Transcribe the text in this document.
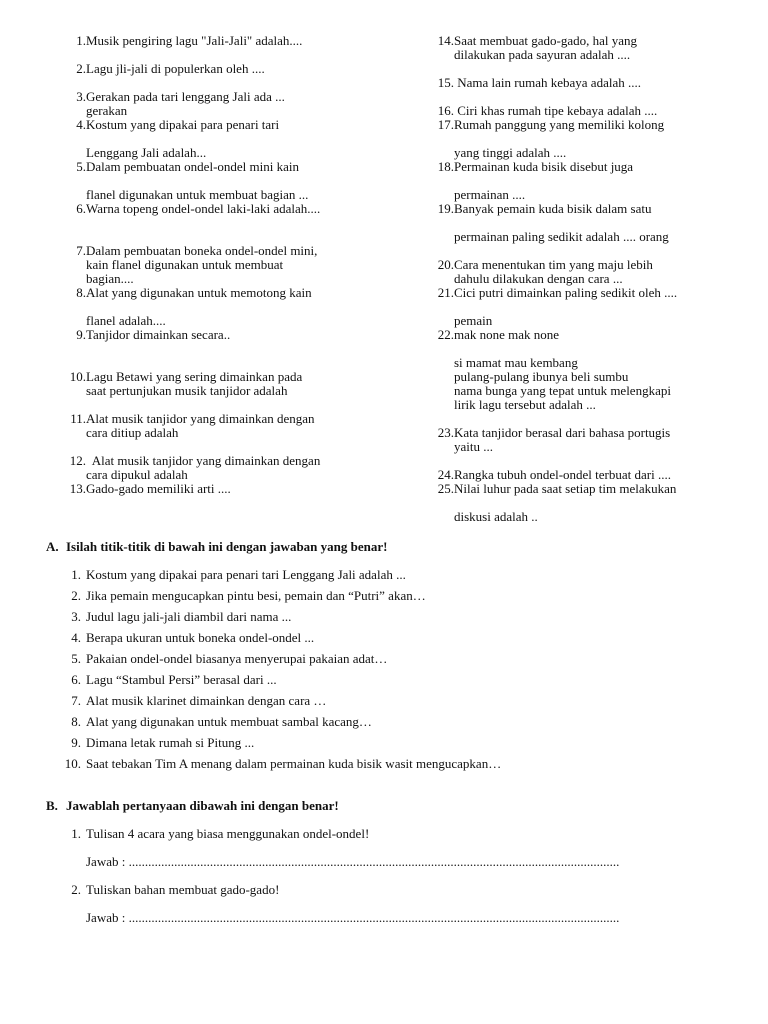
1. Musik pengiring lagu "Jali-Jali" adalah....
2. Lagu jli-jali di populerkan oleh ....
3. Gerakan pada tari lenggang Jali ada ...
gerakan
4. Kostum yang dipakai para penari tari

Lenggang Jali adalah...
5. Dalam pembuatan ondel-ondel mini kain

flanel digunakan untuk membuat bagian ...
6. Warna topeng ondel-ondel laki-laki adalah....
7. Dalam pembuatan boneka ondel-ondel mini,
kain flanel digunakan untuk membuat
bagian....
8. Alat yang digunakan untuk memotong kain

flanel adalah....
9. Tanjidor dimainkan secara..
10. Lagu Betawi yang sering dimainkan pada
saat pertunjukan musik tanjidor adalah
11. Alat musik tanjidor yang dimainkan dengan
cara ditiup adalah
12. Alat musik tanjidor yang dimainkan dengan
cara dipukul adalah
13. Gado-gado memiliki arti ....
14. Saat membuat gado-gado, hal yang
dilakukan pada sayuran adalah ....
15. Nama lain rumah kebaya adalah ....
16. Ciri khas rumah tipe kebaya adalah ....
17. Rumah panggung yang memiliki kolong

yang tinggi adalah ....
18. Permainan kuda bisik disebut juga

permainan ....
19. Banyak pemain kuda bisik dalam satu

permainan paling sedikit adalah .... orang
20. Cara menentukan tim yang maju lebih
dahulu dilakukan dengan cara ...
21. Cici putri dimainkan paling sedikit oleh ....

pemain
22. mak none mak none

si mamat mau kembang
pulang-pulang ibunya beli sumbu
nama bunga yang tepat untuk melengkapi
lirik lagu tersebut adalah ...
23. Kata tanjidor berasal dari bahasa portugis
yaitu ...
24. Rangka tubuh ondel-ondel terbuat dari ....
25. Nilai luhur pada saat setiap tim melakukan

diskusi adalah ..
A. Isilah titik-titik di bawah ini dengan jawaban yang benar!
1. Kostum yang dipakai para penari tari Lenggang Jali adalah ...
2. Jika pemain mengucapkan pintu besi, pemain dan “Putri” akan…
3. Judul lagu jali-jali diambil dari nama ...
4. Berapa ukuran untuk boneka ondel-ondel ...
5. Pakaian ondel-ondel biasanya menyerupai pakaian adat…
6. Lagu “Stambul Persi” berasal dari ...
7. Alat musik klarinet dimainkan dengan cara …
8. Alat yang digunakan untuk membuat sambal kacang…
9. Dimana letak rumah si Pitung ...
10. Saat tebakan Tim A menang dalam permainan kuda bisik wasit mengucapkan…
B. Jawablah pertanyaan dibawah ini dengan benar!
1. Tulisan 4 acara yang biasa menggunakan ondel-ondel!
Jawab : .......................................................................................................................................................
2. Tuliskan bahan membuat gado-gado!
Jawab : .......................................................................................................................................................
